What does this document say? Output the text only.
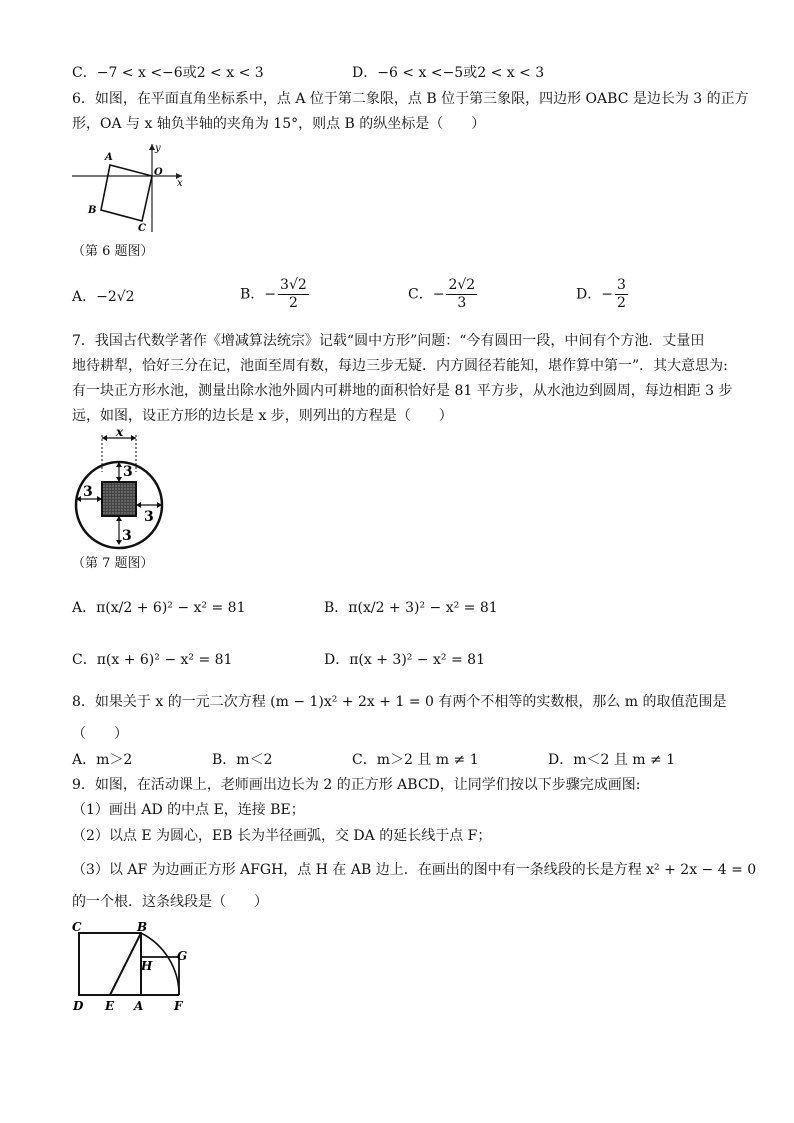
C．−7 < x <−6或2 < x < 3	D．−6 < x <−5或2 < x < 3
6．如图，在平面直角坐标系中，点 A 位于第二象限，点 B 位于第三象限，四边形 OABC 是边长为 3 的正方
形，OA 与 x 轴负半轴的夹角为 15°，则点 B 的纵坐标是（　　）
A
B
C
O
x
y
（第 6 题图）
A．−2√2	B．− $\frac{3√2}{2}$	C．− $\frac{2√2}{3}$	D．− $\frac{3}{2}$
7．我国古代数学著作《增减算法统宗》记载“圆中方形”问题：“今有圆田一段，中间有个方池．丈量田
地待耕犁，恰好三分在记，池面至周有数，每边三步无疑．内方圆径若能知，堪作算中第一”．其大意思为:
有一块正方形水池，测量出除水池外圆内可耕地的面积恰好是 81 平方步，从水池边到圆周，每边相距 3 步
远，如图，设正方形的边长是 x 步，则列出的方程是（　　）
x
3
3
3
3
（第 7 题图）
A．π(x/2 + 6)² − x² = 81	B．π(x/2 + 3)² − x² = 81
C．π(x + 6)² − x² = 81	D．π(x + 3)² − x² = 81
8．如果关于 x 的一元二次方程 (m − 1)x² + 2x + 1 = 0 有两个不相等的实数根，那么 m 的取值范围是
（　　）
A．m＞2	B．m＜2	C．m＞2 且 m ≠ 1	D．m＜2 且 m ≠ 1
9．如图，在活动课上，老师画出边长为 2 的正方形 ABCD，让同学们按以下步骤完成画图:
（1）画出 AD 的中点 E，连接 BE；
（2）以点 E 为圆心，EB 长为半径画弧，交 DA 的延长线于点 F；
（3）以 AF 为边画正方形 AFGH，点 H 在 AB 边上．在画出的图中有一条线段的长是方程 x² + 2x − 4 = 0
的一个根．这条线段是（　　）
C	B
G
H
D E A	F
